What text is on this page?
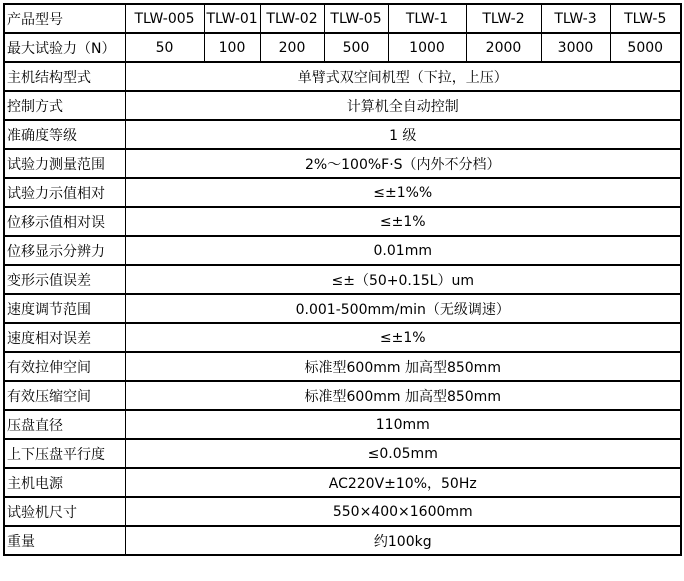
产品型号	TLW-005	TLW-01	TLW-02	TLW-05	TLW-1	TLW-2	TLW-3	TLW-5
最大试验力（N）	50	100	200	500	1000	2000	3000	5000
主机结构型式	单臂式双空间机型（下拉，上压）							
控制方式	计算机全自动控制							
准确度等级	1 级							
试验力测量范围	2%～100%F·S（内外不分档）							
试验力示值相对	≤±1%%							
位移示值相对误	≤±1%							
位移显示分辨力	0.01mm							
变形示值误差	≤±（50+0.15L）um							
速度调节范围	0.001-500mm/min（无级调速）							
速度相对误差	≤±1%							
有效拉伸空间	标准型600mm 加高型850mm							
有效压缩空间	标准型600mm 加高型850mm							
压盘直径	110mm							
上下压盘平行度	≤0.05mm							
主机电源	AC220V±10%，50Hz							
试验机尺寸	550×400×1600mm							
重量	约100kg							
